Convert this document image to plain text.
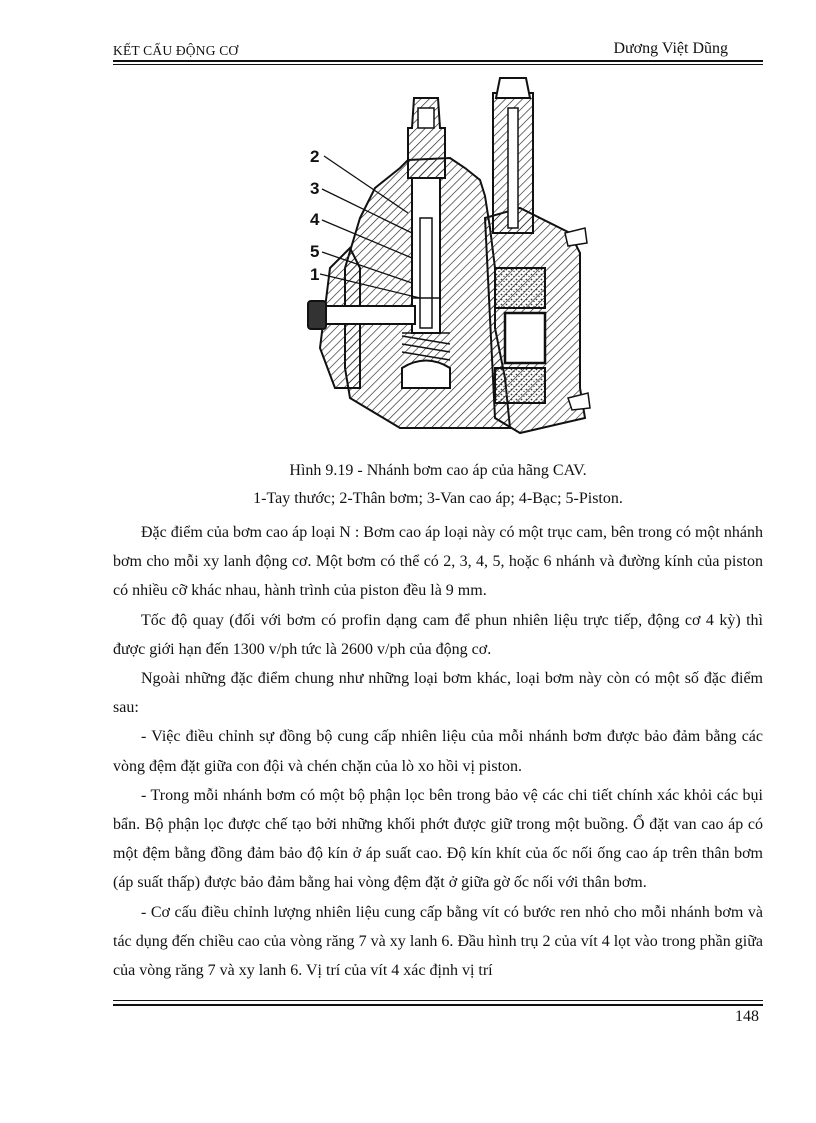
KẾT CẤU ĐỘNG CƠ	Dương Việt Dũng
2
3
4
5
1
Hình 9.19 - Nhánh bơm cao áp của hãng CAV.
1-Tay thước; 2-Thân bơm; 3-Van cao áp; 4-Bạc; 5-Piston.

Đặc điểm của bơm cao áp loại N : Bơm cao áp loại này có một trục cam, bên trong có một nhánh bơm cho mỗi xy lanh động cơ. Một bơm có thể có 2, 3, 4, 5, hoặc 6 nhánh và đường kính của piston có nhiều cỡ khác nhau, hành trình của piston đều là 9 mm.

Tốc độ quay (đối với bơm có profin dạng cam để phun nhiên liệu trực tiếp, động cơ 4 kỳ) thì được giới hạn đến 1300 v/ph tức là 2600 v/ph của động cơ.

Ngoài những đặc điểm chung như những loại bơm khác, loại bơm này còn có một số đặc điểm sau:

- Việc điều chỉnh sự đồng bộ cung cấp nhiên liệu của mỗi nhánh bơm được bảo đảm bằng các vòng đệm đặt giữa con đội và chén chặn của lò xo hồi vị piston.

- Trong mỗi nhánh bơm có một bộ phận lọc bên trong bảo vệ các chi tiết chính xác khỏi các bụi bẩn. Bộ phận lọc được chế tạo bởi những khối phớt được giữ trong một buồng. Ổ đặt van cao áp có một đệm bằng đồng đảm bảo độ kín ở áp suất cao. Độ kín khít của ốc nối ống cao áp trên thân bơm (áp suất thấp) được bảo đảm bằng hai vòng đệm đặt ở giữa gờ ốc nối với thân bơm.

- Cơ cấu điều chỉnh lượng nhiên liệu cung cấp bằng vít có bước ren nhỏ cho mỗi nhánh bơm và tác dụng đến chiều cao của vòng răng 7 và xy lanh 6. Đầu hình trụ 2 của vít 4 lọt vào trong phần giữa của vòng răng 7 và xy lanh 6. Vị trí của vít 4 xác định vị trí

148
